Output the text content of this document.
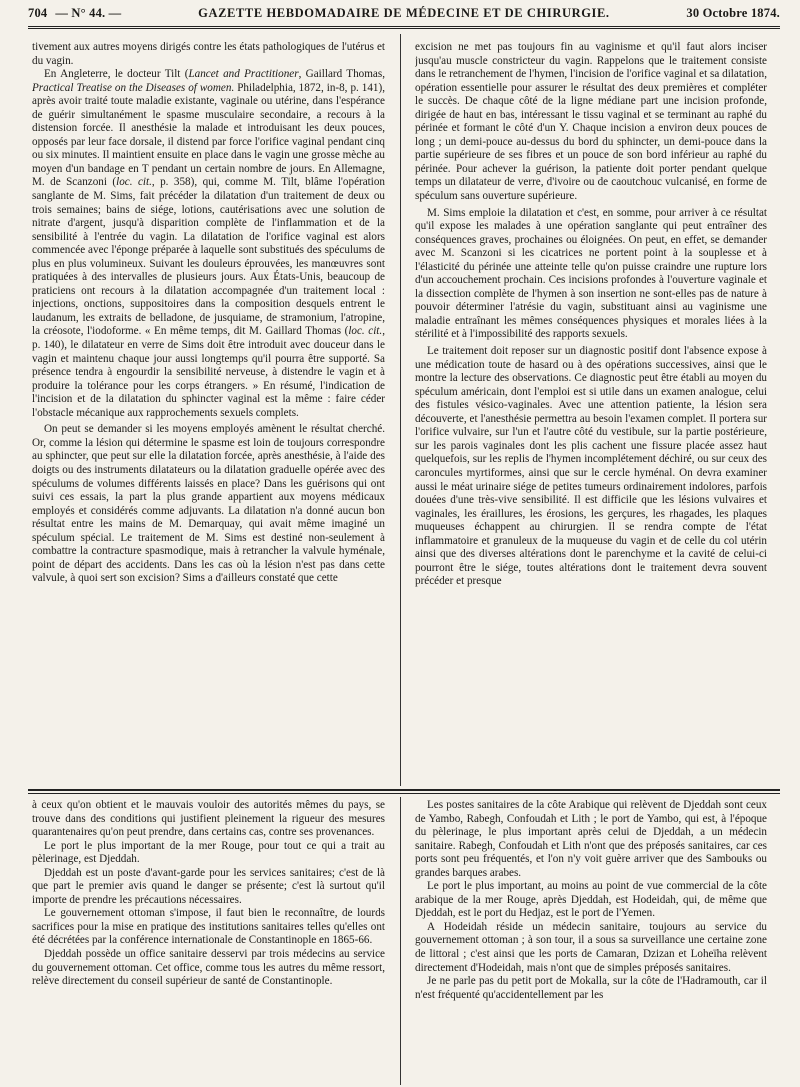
704 — N° 44. —	GAZETTE HEBDOMADAIRE DE MÉDECINE ET DE CHIRURGIE.	30 Octobre 1874.

tivement aux autres moyens dirigés contre les états pathologiques de l'utérus et du vagin.

En Angleterre, le docteur Tilt (Lancet and Practitioner, Gaillard Thomas, Practical Treatise on the Diseases of women. Philadelphia, 1872, in-8, p. 141), après avoir traité toute maladie existante, vaginale ou utérine, dans l'espérance de guérir simultanément le spasme musculaire secondaire, a recours à la distension forcée. Il anesthésie la malade et introduisant les deux pouces, opposés par leur face dorsale, il distend par force l'orifice vaginal pendant cinq ou six minutes. Il maintient ensuite en place dans le vagin une grosse mèche au moyen d'un bandage en T pendant un certain nombre de jours. En Allemagne, M. de Scanzoni (loc. cit., p. 358), qui, comme M. Tilt, blâme l'opération sanglante de M. Sims, fait précéder la dilatation d'un traitement de deux ou trois semaines; bains de siége, lotions, cautérisations avec une solution de nitrate d'argent, jusqu'à disparition complète de l'inflammation et de la sensibilité à l'entrée du vagin. La dilatation de l'orifice vaginal est alors commencée avec l'éponge préparée à laquelle sont substitués des spéculums de plus en plus volumineux. Suivant les douleurs éprouvées, les manœuvres sont pratiquées à des intervalles de plusieurs jours. Aux États-Unis, beaucoup de praticiens ont recours à la dilatation accompagnée d'un traitement local : injections, onctions, suppositoires dans la composition desquels entrent le laudanum, les extraits de belladone, de jusquiame, de stramonium, l'atropine, la créosote, l'iodoforme. « En même temps, dit M. Gaillard Thomas (loc. cit., p. 140), le dilatateur en verre de Sims doit être introduit avec douceur dans le vagin et maintenu chaque jour aussi longtemps qu'il pourra être supporté. Sa présence tendra à engourdir la sensibilité nerveuse, à distendre le vagin et à produire la tolérance pour les corps étrangers. » En résumé, l'indication de l'incision et de la dilatation du sphincter vaginal est la même : faire céder l'obstacle mécanique aux rapprochements sexuels complets.

On peut se demander si les moyens employés amènent le résultat cherché. Or, comme la lésion qui détermine le spasme est loin de toujours correspondre au sphincter, que peut sur elle la dilatation forcée, après anesthésie, à l'aide des doigts ou des instruments dilatateurs ou la dilatation graduelle opérée avec des spéculums de volumes différents laissés en place? Dans les guérisons qui ont suivi ces essais, la part la plus grande appartient aux moyens médicaux employés et considérés comme adjuvants. La dilatation n'a donné aucun bon résultat entre les mains de M. Demarquay, qui avait même imaginé un spéculum spécial. Le traitement de M. Sims est destiné non-seulement à combattre la contracture spasmodique, mais à retrancher la valvule hyménale, point de départ des accidents. Dans les cas où la lésion n'est pas dans cette valvule, à quoi sert son excision? Sims a d'ailleurs constaté que cette

excision ne met pas toujours fin au vaginisme et qu'il faut alors inciser jusqu'au muscle constricteur du vagin. Rappelons que le traitement consiste dans le retranchement de l'hymen, l'incision de l'orifice vaginal et sa dilatation, opération essentielle pour assurer le résultat des deux premières et compléter le succès. De chaque côté de la ligne médiane part une incision profonde, dirigée de haut en bas, intéressant le tissu vaginal et se terminant au raphé du périnée et formant le côté d'un Y. Chaque incision a environ deux pouces de long ; un demi-pouce au-dessus du bord du sphincter, un demi-pouce dans la partie supérieure de ses fibres et un pouce de son bord inférieur au raphé du périnée. Pour achever la guérison, la patiente doit porter pendant quelque temps un dilatateur de verre, d'ivoire ou de caoutchouc vulcanisé, en forme de spéculum sans ouverture supérieure.

M. Sims emploie la dilatation et c'est, en somme, pour arriver à ce résultat qu'il expose les malades à une opération sanglante qui peut entraîner des conséquences graves, prochaines ou éloignées. On peut, en effet, se demander avec M. Scanzoni si les cicatrices ne portent point à la souplesse et à l'élasticité du périnée une atteinte telle qu'on puisse craindre une rupture lors d'un accouchement prochain. Ces incisions profondes à l'ouverture vaginale et la dissection complète de l'hymen à son insertion ne sont-elles pas de nature à pouvoir déterminer l'atrésie du vagin, substituant ainsi au vaginisme une maladie entraînant les mêmes conséquences physiques et morales liées à la stérilité et à l'impossibilité des rapports sexuels.

Le traitement doit reposer sur un diagnostic positif dont l'absence expose à une médication toute de hasard ou à des opérations successives, ainsi que le montre la lecture des observations. Ce diagnostic peut être établi au moyen du spéculum américain, dont l'emploi est si utile dans un examen analogue, celui des fistules vésico-vaginales. Avec une attention patiente, la lésion sera découverte, et l'anesthésie permettra au besoin l'examen complet. Il portera sur l'orifice vulvaire, sur l'un et l'autre côté du vestibule, sur la partie postérieure, sur les parois vaginales dont les plis cachent une fissure placée assez haut quelquefois, sur les replis de l'hymen incomplétement déchiré, ou sur ceux des caroncules myrtiformes, ainsi que sur le cercle hyménal. On devra examiner aussi le méat urinaire siége de petites tumeurs ordinairement indolores, parfois douées d'une très-vive sensibilité. Il est difficile que les lésions vulvaires et vaginales, les éraillures, les érosions, les gerçures, les rhagades, les plaques muqueuses échappent au chirurgien. Il se rendra compte de l'état inflammatoire et granuleux de la muqueuse du vagin et de celle du col utérin ainsi que des diverses altérations dont le parenchyme et la cavité de celui-ci pourront être le siége, toutes altérations dont le traitement devra souvent précéder et presque

à ceux qu'on obtient et le mauvais vouloir des autorités mêmes du pays, se trouve dans des conditions qui justifient pleinement la rigueur des mesures quarantenaires qu'on peut prendre, dans certains cas, contre ses provenances.

Le port le plus important de la mer Rouge, pour tout ce qui a trait au pèlerinage, est Djeddah.

Djeddah est un poste d'avant-garde pour les services sanitaires; c'est de là que part le premier avis quand le danger se présente; c'est là surtout qu'il importe de prendre les précautions nécessaires.

Le gouvernement ottoman s'impose, il faut bien le reconnaître, de lourds sacrifices pour la mise en pratique des institutions sanitaires telles qu'elles ont été décrétées par la conférence internationale de Constantinople en 1865-66.

Djeddah possède un office sanitaire desservi par trois médecins au service du gouvernement ottoman. Cet office, comme tous les autres du même ressort, relève directement du conseil supérieur de santé de Constantinople.

Les postes sanitaires de la côte Arabique qui relèvent de Djeddah sont ceux de Yambo, Rabegh, Confoudah et Lith ; le port de Yambo, qui est, à l'époque du pèlerinage, le plus important après celui de Djeddah, a un médecin sanitaire. Rabegh, Confoudah et Lith n'ont que des préposés sanitaires, car ces ports sont peu fréquentés, et l'on n'y voit guère arriver que des Sambouks ou grandes barques arabes.

Le port le plus important, au moins au point de vue commercial de la côte arabique de la mer Rouge, après Djeddah, est Hodeidah, qui, de même que Djeddah, est le port du Hedjaz, est le port de l'Yemen.

A Hodeidah réside un médecin sanitaire, toujours au service du gouvernement ottoman ; à son tour, il a sous sa surveillance une certaine zone de littoral ; c'est ainsi que les ports de Camaran, Dzizan et Loheïha relèvent directement d'Hodeidah, mais n'ont que de simples préposés sanitaires.

Je ne parle pas du petit port de Mokalla, sur la côte de l'Hadramouth, car il n'est fréquenté qu'accidentellement par les
